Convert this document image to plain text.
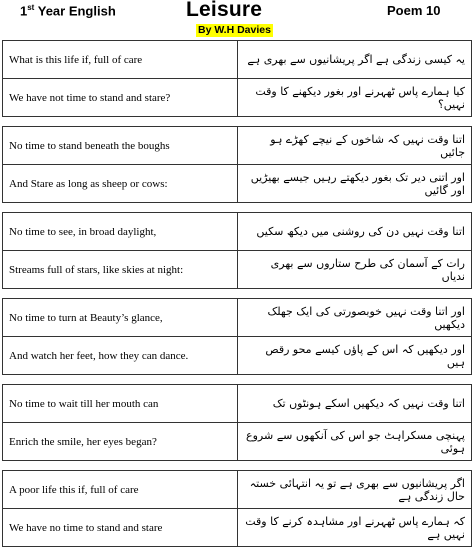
1st Year English	Leisure
By W.H Davies
Poem 10
What is this life if, full of care	یہ کیسی زندگی ہے اگر پریشانیوں سے بھری ہے
We have not time to stand and stare?	کیا ہمارے پاس ٹھہرنے اور بغور دیکھنے کا وقت نہیں؟
No time to stand beneath the boughs	اتنا وقت نہیں کہ شاخوں کے نیچے کھڑے ہو جائیں
And Stare as long as sheep or cows:	اور اتنی دیر تک بغور دیکھتے رہیں جیسے بھیڑیں اور گائیں
No time to see, in broad daylight,	اتنا وقت نہیں دن کی روشنی میں دیکھ سکیں
Streams full of stars, like skies at night:	رات کے آسمان کی طرح ستاروں سے بھری ندیاں
No time to turn at Beauty’s glance,	اور اتنا وقت نہیں خوبصورتی کی ایک جھلک دیکھیں
And watch her feet, how they can dance.	اور دیکھیں کہ اس کے پاؤں کیسے محو رقص ہیں
No time to wait till her mouth can	اتنا وقت نہیں کہ دیکھیں اسکے ہونٹوں تک
Enrich the smile, her eyes began?	پہنچی مسکراہٹ جو اس کی آنکھوں سے شروع ہوئی
A poor life this if, full of care	اگر پریشانیوں سے بھری ہے تو یہ انتہائی خستہ حال زندگی ہے
We have no time to stand and stare	کہ ہمارے پاس ٹھہرنے اور مشاہدہ کرنے کا وقت نہیں ہے
